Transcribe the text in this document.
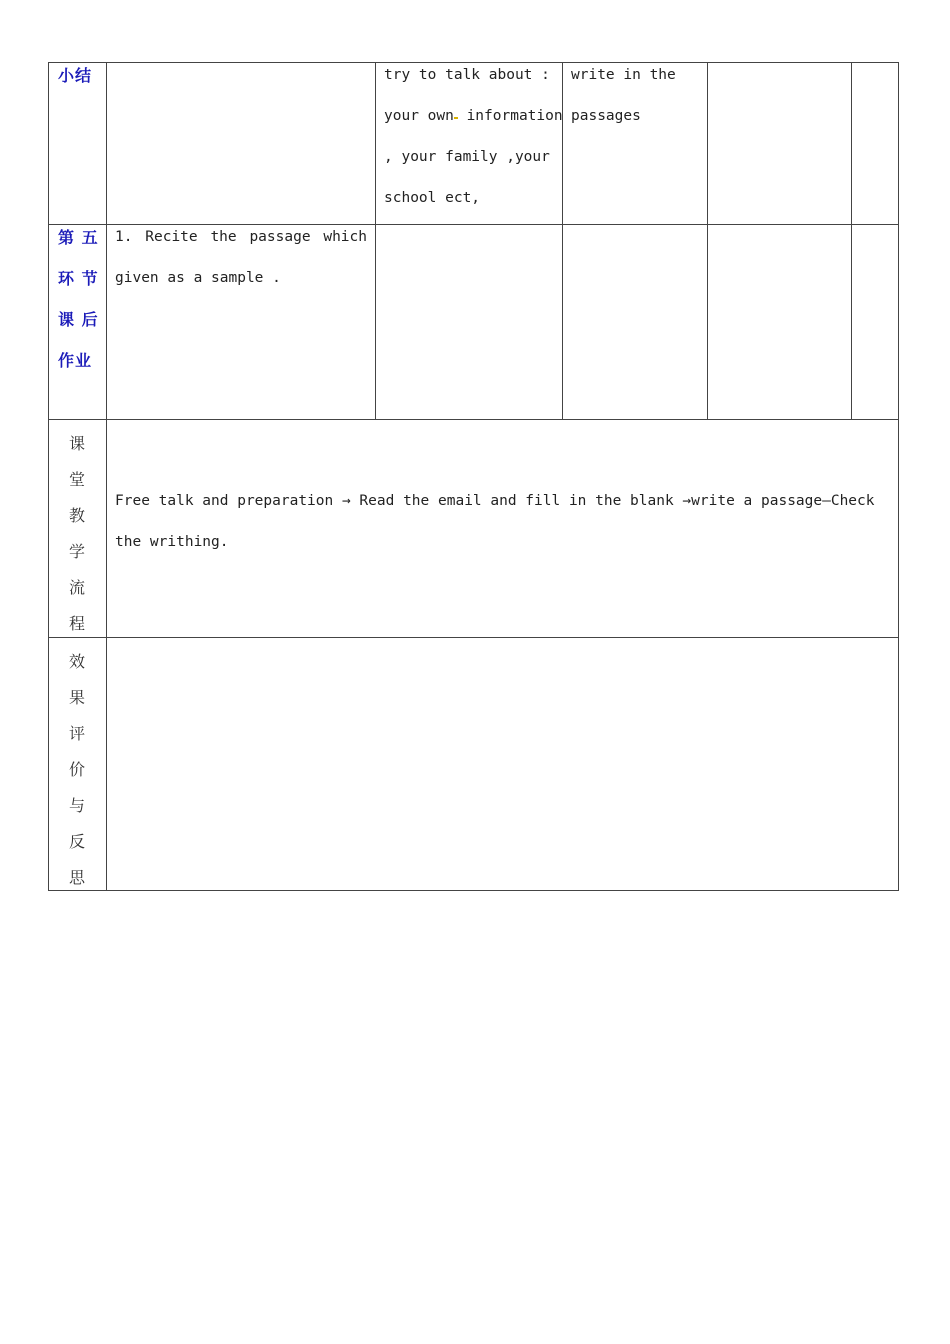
小结	try to talk about :
your own information
, your family ,your
school ect,
write in the
passages
第 五
环 节
课 后
作业
1. Recite the passage which
given as a sample .
课
堂
教
学
流
程
Free talk and preparation → Read the email and fill in the blank →write a passage—Check
the writhing.
效
果
评
价
与
反
思
